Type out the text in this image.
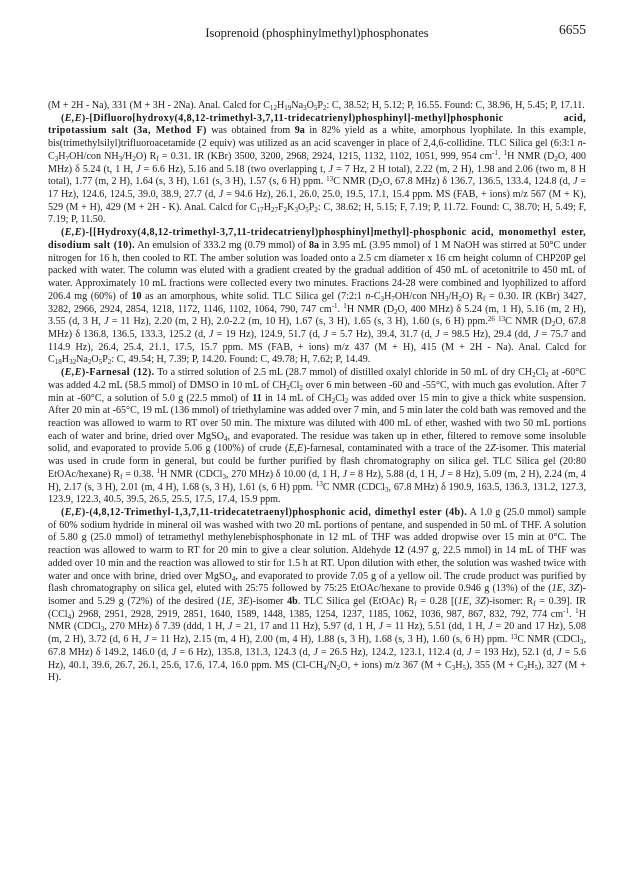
Isoprenoid (phosphinylmethyl)phosphonates	6655

(M + 2H - Na), 331 (M + 3H - 2Na). Anal. Calcd for $C_{12}H_{19}Na_3O_5P_2$: C, 38.52; H, 5.12; P, 16.55. Found: C, 38.96, H, 5.45; P, 17.11.

(E,E)-[Difluoro[hydroxy(4,8,12-trimethyl-3,7,11-tridecatrienyl)phosphinyl]-methyl]phosphonic acid, tripotassium salt (3a, Method F) was obtained from 9a in 82% yield as a white, amorphous lyophilate. In this example, bis(trimethylsilyl)trifluoroacetamide (2 equiv) was utilized as an acid scavenger in place of 2,4,6-collidine. TLC Silica gel (6:3:1 $n-C_3H_7OH$/con $NH_3/H_2O$) $R_f = 0.31$. IR (KBr) 3500, 3200, 2968, 2924, 1215, 1132, 1102, 1051, 999, 954 $cm^{-1}$. $^1$H NMR ($D_2O$, 400 MHz) δ 5.24 (t, 1 H, J = 6.6 Hz), 5.16 and 5.18 (two overlapping t, J = 7 Hz, 2 H total), 2.22 (m, 2 H), 1.98 and 2.06 (two m, 8 H total), 1.77 (m, 2 H), 1.64 (s, 3 H), 1.61 (s, 3 H), 1.57 (s, 6 H) ppm. $^{13}$C NMR ($D_2O$, 67.8 MHz) δ 136.7, 136.5, 133.4, 124.8 (d, J = 17 Hz), 124.6, 124.5, 39.0, 38.9, 27.7 (d, J = 94.6 Hz), 26.1, 26.0, 25.0, 19.5, 17.1, 15.4 ppm. MS (FAB, + ions) m/z 567 (M + K), 529 (M + H), 429 (M + 2H - K). Anal. Calcd for $C_{17}H_{27}F_2K_3O_5P_2$: C, 38.62; H, 5.15; F, 7.19; P, 11.72. Found: C, 38.70; H, 5.49; F, 7.19; P, 11.50.

(E,E)-[[Hydroxy(4,8,12-trimethyl-3,7,11-tridecatrienyl)phosphinyl]methyl]-phosphonic acid, monomethyl ester, disodium salt (10). An emulsion of 333.2 mg (0.79 mmol) of 8a in 3.95 mL (3.95 mmol) of 1 M NaOH was stirred at 50°C under nitrogen for 16 h, then cooled to RT. The amber solution was loaded onto a 2.5 cm diameter x 16 cm height column of CHP20P gel packed with water. The column was eluted with a gradient created by the gradual addition of 450 mL of acetonitrile to 450 mL of water. Approximately 10 mL fractions were collected every two minutes. Fractions 24-28 were combined and lyophilized to afford 206.4 mg (60%) of 10 as an amorphous, white solid. TLC Silica gel (7:2:1 $n-C_3H_7OH$/con $NH_3/H_2O$) $R_f = 0.30$. IR (KBr) 3427, 3282, 2966, 2924, 2854, 1218, 1172, 1146, 1102, 1064, 790, 747 $cm^{-1}$. $^1$H NMR ($D_2O$, 400 MHz) δ 5.24 (m, 1 H), 5.16 (m, 2 H), 3.55 (d, 3 H, J = 11 Hz), 2.20 (m, 2 H), 2.0-2.2 (m, 10 H), 1.67 (s, 3 H), 1.65 (s, 3 H), 1.60 (s, 6 H) ppm.$^{26}$ $^{13}$C NMR ($D_2O$, 67.8 MHz) δ 136.8, 136.5, 133.3, 125.2 (d, J = 19 Hz), 124.9, 51.7 (d, J = 5.7 Hz), 39.4, 31.7 (d, J = 98.5 Hz), 29.4 (dd, J = 75.7 and 114.9 Hz), 26.4, 25.4, 21.1, 17.5, 15.7 ppm. MS (FAB, + ions) m/z 437 (M + H), 415 (M + 2H - Na). Anal. Calcd for $C_{18}H_{32}Na_2O_5P_2$: C, 49.54; H, 7.39; P, 14.20. Found: C, 49.78; H, 7.62; P, 14.49.

(E,E)-Farnesal (12). To a stirred solution of 2.5 mL (28.7 mmol) of distilled oxalyl chloride in 50 mL of dry $CH_2Cl_2$ at -60°C was added 4.2 mL (58.5 mmol) of DMSO in 10 mL of $CH_2Cl_2$ over 6 min between -60 and -55°C, with much gas evolution. After 7 min at -60°C, a solution of 5.0 g (22.5 mmol) of 11 in 14 mL of $CH_2Cl_2$ was added over 15 min to give a thick white suspension. After 20 min at -65°C, 19 mL (136 mmol) of triethylamine was added over 7 min, and 5 min later the cold bath was removed and the reaction was allowed to warm to RT over 50 min. The mixture was diluted with 400 mL of ether, washed with two 50 mL portions each of water and brine, dried over MgSO$_4$, and evaporated. The residue was taken up in ether, filtered to remove some insoluble solid, and evaporated to provide 5.06 g (100%) of crude (E,E)-farnesal, contaminated with a trace of the 2Z-isomer. This material was used in crude form in general, but could be further purified by flash chromatography on silica gel. TLC Silica gel (20:80 EtOAc/hexane) $R_f = 0.38$. $^1$H NMR (CDCl$_3$, 270 MHz) δ 10.00 (d, 1 H, J = 8 Hz), 5.88 (d, 1 H, J = 8 Hz), 5.09 (m, 2 H), 2.24 (m, 4 H), 2.17 (s, 3 H), 2.01 (m, 4 H), 1.68 (s, 3 H), 1.61 (s, 6 H) ppm. $^{13}$C NMR (CDCl$_3$, 67.8 MHz) δ 190.9, 163.5, 136.3, 131.2, 127.3, 123.9, 122.3, 40.5, 39.5, 26.5, 25.5, 17.5, 17.4, 15.9 ppm.

(E,E)-(4,8,12-Trimethyl-1,3,7,11-tridecatetraenyl)phosphonic acid, dimethyl ester (4b). A 1.0 g (25.0 mmol) sample of 60% sodium hydride in mineral oil was washed with two 20 mL portions of pentane, and suspended in 50 mL of THF. A solution of 5.80 g (25.0 mmol) of tetramethyl methylenebisphosphonate in 12 mL of THF was added dropwise over 15 min at 0°C. The reaction was allowed to warm to RT for 20 min to give a clear solution. Aldehyde 12 (4.97 g, 22.5 mmol) in 14 mL of THF was added over 10 min and the reaction was allowed to stir for 1.5 h at RT. Upon dilution with ether, the solution was washed twice with water and once with brine, dried over MgSO$_4$, and evaporated to provide 7.05 g of a yellow oil. The crude product was purified by flash chromatography on silica gel, eluted with 25:75 followed by 75:25 EtOAc/hexane to provide 0.946 g (13%) of the (1E, 3Z)-isomer and 5.29 g (72%) of the desired (1E, 3E)-isomer 4b. TLC Silica gel (EtOAc) $R_f = 0.28$ [(1E, 3Z)-isomer: $R_f = 0.39$]. IR (CCl$_4$) 2968, 2951, 2928, 2919, 2851, 1640, 1589, 1448, 1385, 1254, 1237, 1185, 1062, 1036, 987, 867, 832, 792, 774 $cm^{-1}$. $^1$H NMR (CDCl$_3$, 270 MHz) δ 7.39 (ddd, 1 H, J = 21, 17 and 11 Hz), 5.97 (d, 1 H, J = 11 Hz), 5.51 (dd, 1 H, J = 20 and 17 Hz), 5.08 (m, 2 H), 3.72 (d, 6 H, J = 11 Hz), 2.15 (m, 4 H), 2.00 (m, 4 H), 1.88 (s, 3 H), 1.68 (s, 3 H), 1.60 (s, 6 H) ppm. $^{13}$C NMR (CDCl$_3$, 67.8 MHz) δ 149.2, 146.0 (d, J = 6 Hz), 135.8, 131.3, 124.3 (d, J = 26.5 Hz), 124.2, 123.1, 112.4 (d, J = 193 Hz), 52.1 (d, J = 5.6 Hz), 40.1, 39.6, 26.7, 26.1, 25.6, 17.6, 17.4, 16.0 ppm. MS ($CI-CH_4/N_2O$, + ions) m/z 367 $(M + C_3H_5)$, 355 $(M + C_2H_5)$, 327 (M + H).
